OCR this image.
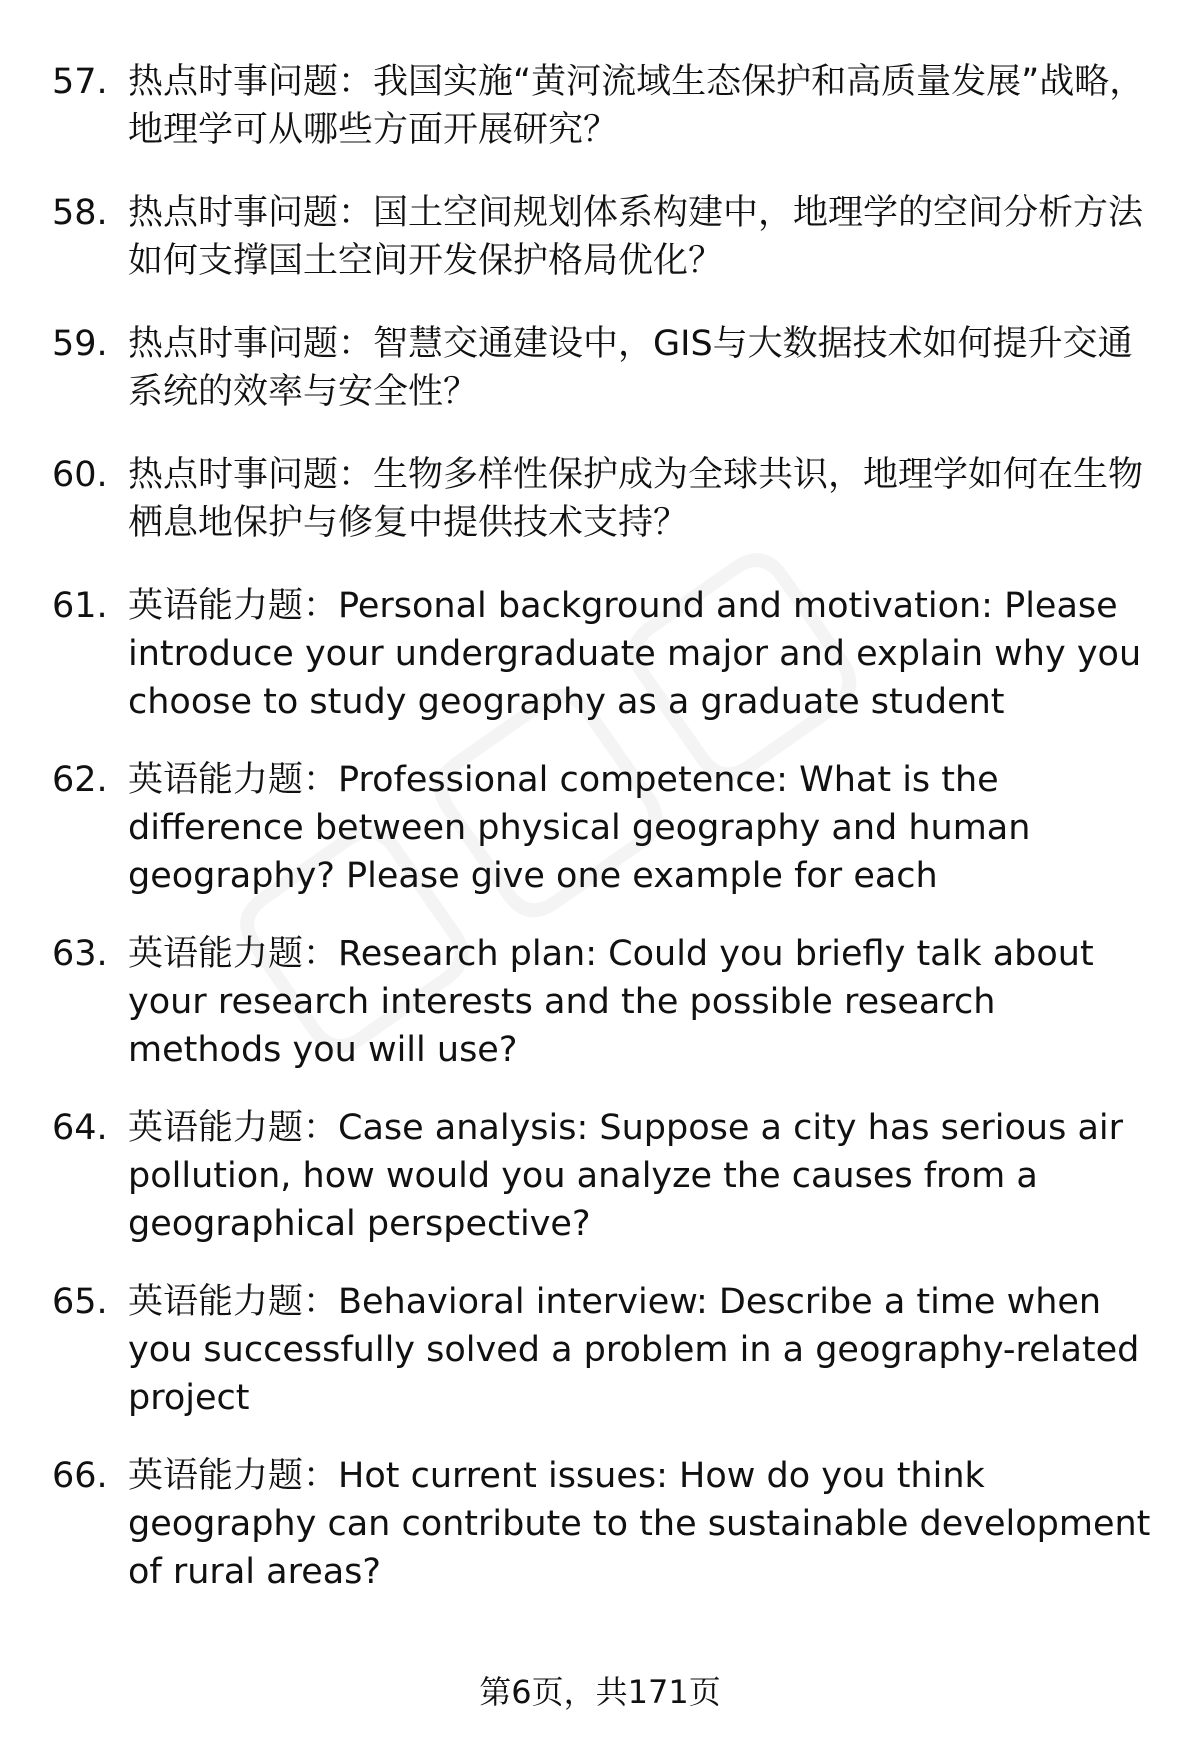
57. 热点时事问题：我国实施“黄河流域生态保护和高质量发展”战略，地理学可从哪些方面开展研究？
58. 热点时事问题：国土空间规划体系构建中，地理学的空间分析方法如何支撑国土空间开发保护格局优化？
59. 热点时事问题：智慧交通建设中，GIS与大数据技术如何提升交通系统的效率与安全性？
60. 热点时事问题：生物多样性保护成为全球共识，地理学如何在生物栖息地保护与修复中提供技术支持？
61. 英语能力题：Personal background and motivation: Please introduce your undergraduate major and explain why you choose to study geography as a graduate student
62. 英语能力题：Professional competence: What is the difference between physical geography and human geography? Please give one example for each
63. 英语能力题：Research plan: Could you briefly talk about your research interests and the possible research methods you will use?
64. 英语能力题：Case analysis: Suppose a city has serious air pollution, how would you analyze the causes from a geographical perspective?
65. 英语能力题：Behavioral interview: Describe a time when you successfully solved a problem in a geography-related project
66. 英语能力题：Hot current issues: How do you think geography can contribute to the sustainable development of rural areas?
第6页，共171页
